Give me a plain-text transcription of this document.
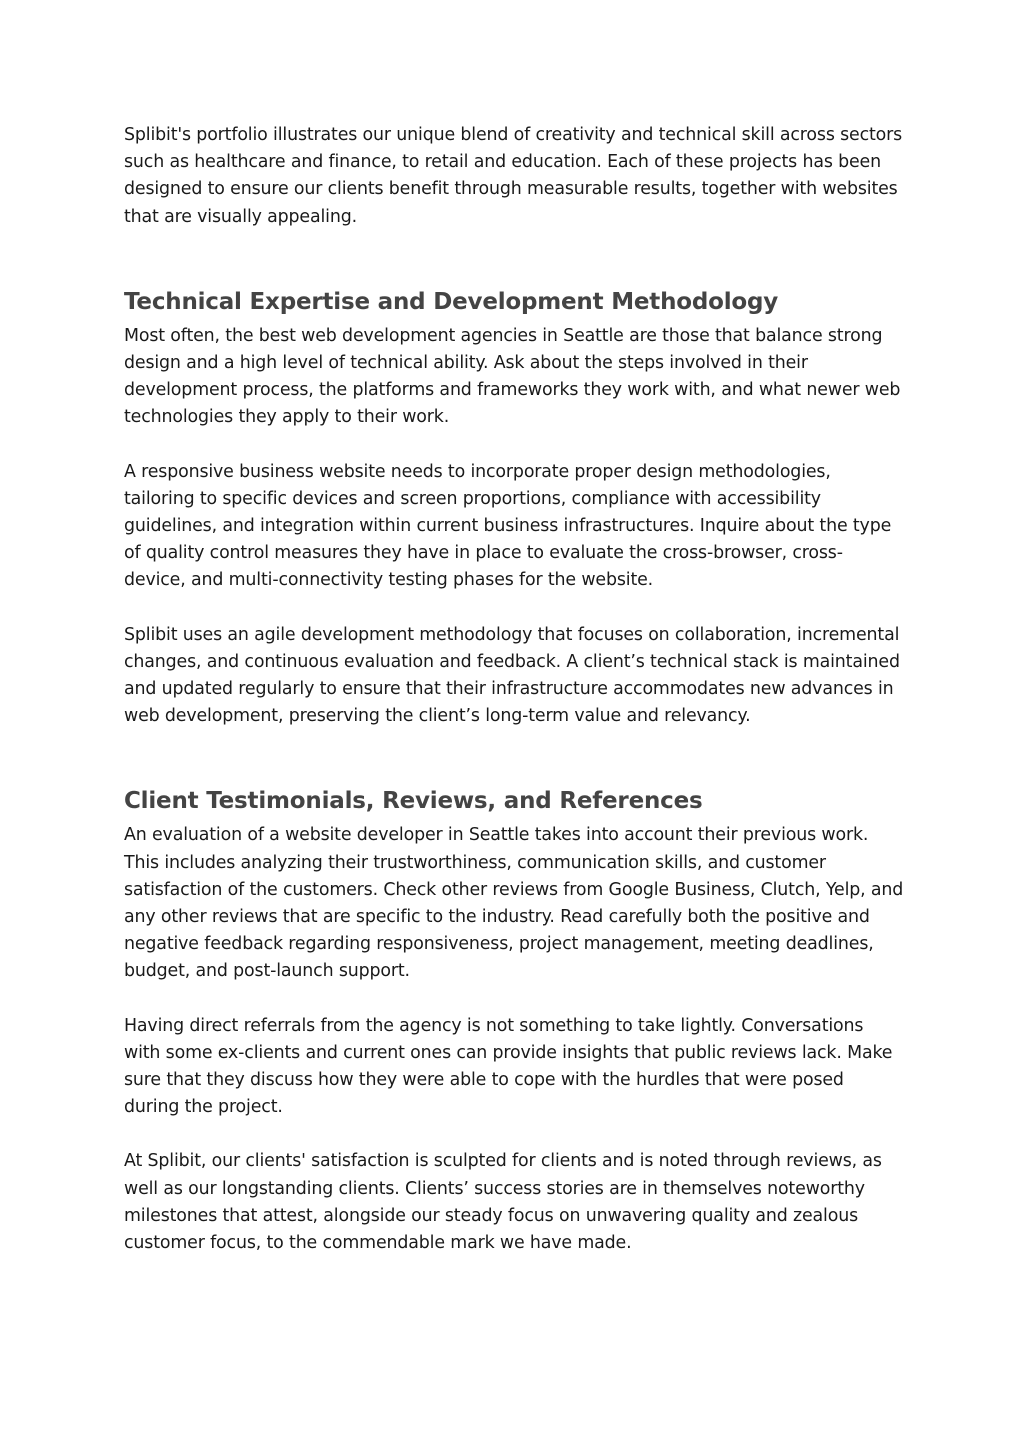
Splibit's portfolio illustrates our unique blend of creativity and technical skill across sectors such as healthcare and finance, to retail and education. Each of these projects has been designed to ensure our clients benefit through measurable results, together with websites that are visually appealing.

Technical Expertise and Development Methodology

Most often, the best web development agencies in Seattle are those that balance strong design and a high level of technical ability. Ask about the steps involved in their development process, the platforms and frameworks they work with, and what newer web technologies they apply to their work.

A responsive business website needs to incorporate proper design methodologies, tailoring to specific devices and screen proportions, compliance with accessibility guidelines, and integration within current business infrastructures. Inquire about the type of quality control measures they have in place to evaluate the cross-browser, cross-device, and multi-connectivity testing phases for the website.

Splibit uses an agile development methodology that focuses on collaboration, incremental changes, and continuous evaluation and feedback. A client’s technical stack is maintained and updated regularly to ensure that their infrastructure accommodates new advances in web development, preserving the client’s long-term value and relevancy.

Client Testimonials, Reviews, and References

An evaluation of a website developer in Seattle takes into account their previous work. This includes analyzing their trustworthiness, communication skills, and customer satisfaction of the customers. Check other reviews from Google Business, Clutch, Yelp, and any other reviews that are specific to the industry. Read carefully both the positive and negative feedback regarding responsiveness, project management, meeting deadlines, budget, and post-launch support.

Having direct referrals from the agency is not something to take lightly. Conversations with some ex-clients and current ones can provide insights that public reviews lack. Make sure that they discuss how they were able to cope with the hurdles that were posed during the project.

At Splibit, our clients' satisfaction is sculpted for clients and is noted through reviews, as well as our longstanding clients. Clients’ success stories are in themselves noteworthy milestones that attest, alongside our steady focus on unwavering quality and zealous customer focus, to the commendable mark we have made.
